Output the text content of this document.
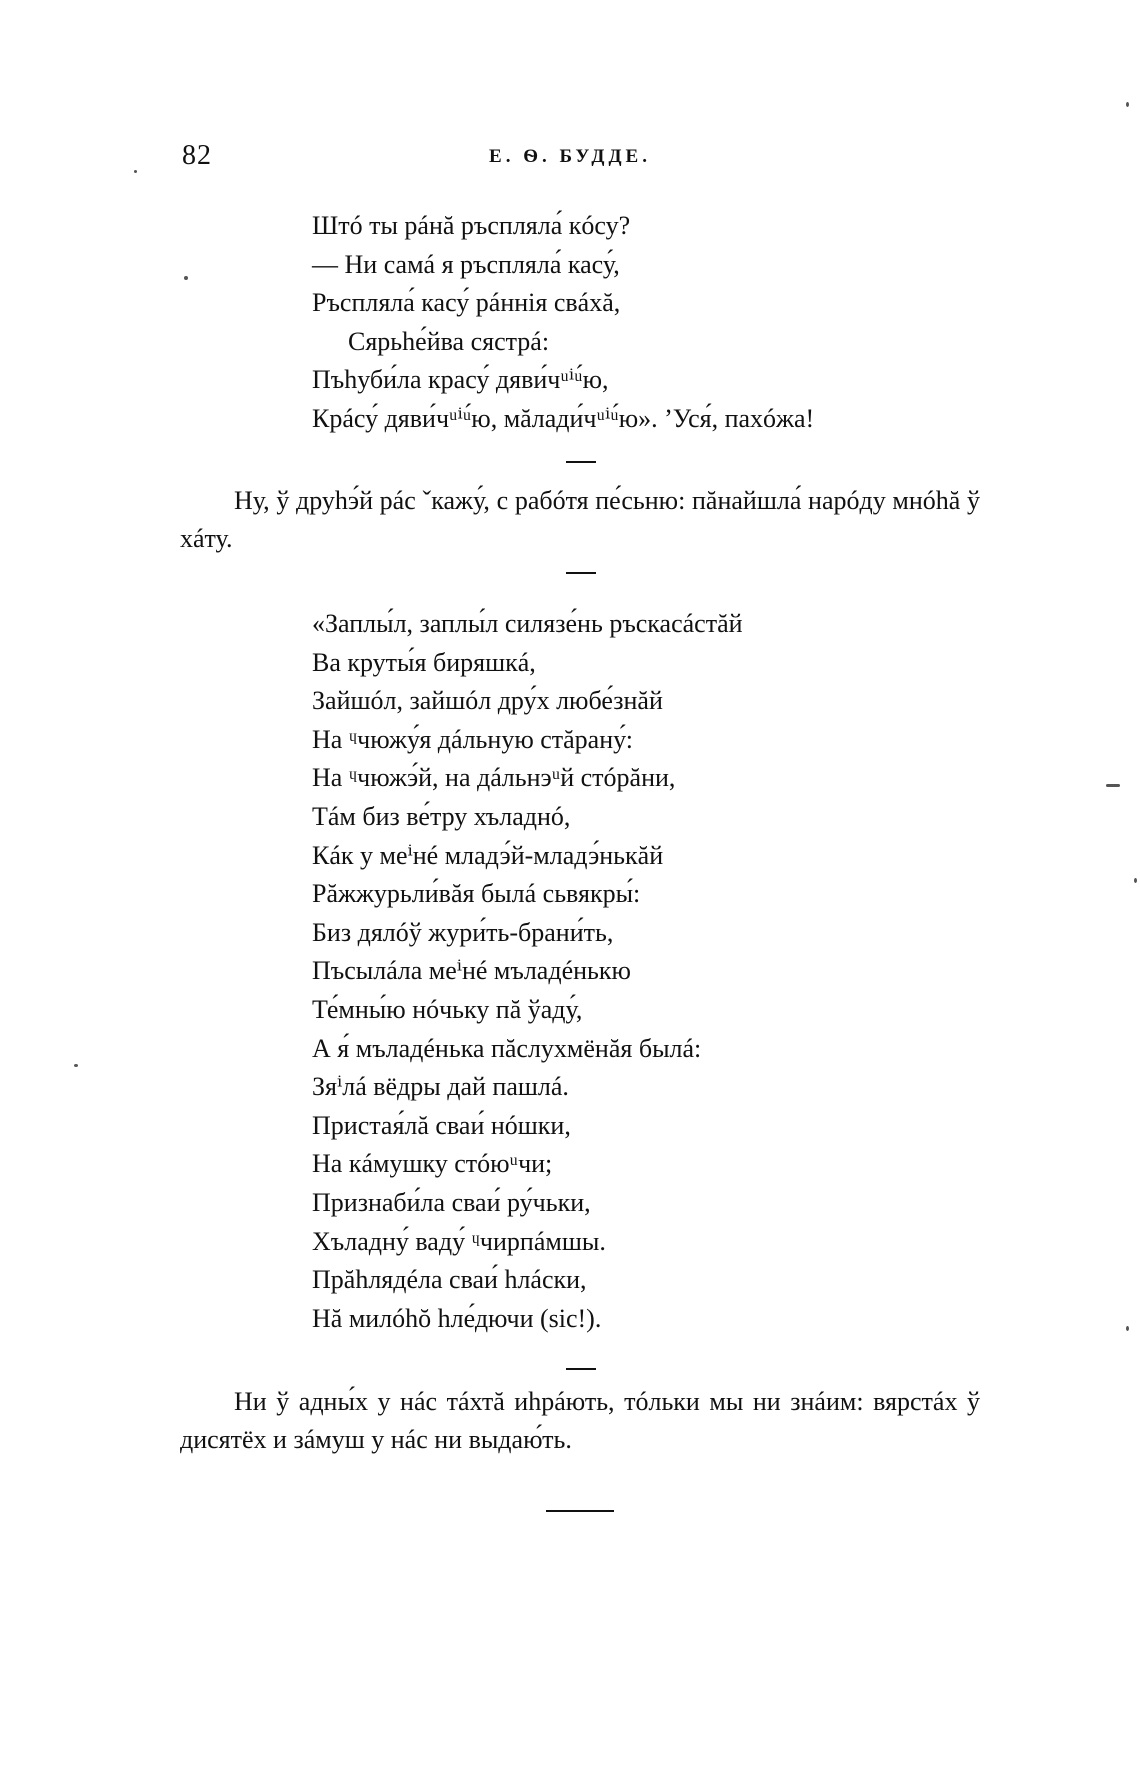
82	Е. Ѳ. БУДДЕ.
Штó ты рáнă ръспляла́ кóсу?
— Ни самá я ръспляла́ касу́,
Ръспляла́ касу́ рáннія свáхă,
Сярьһе́йва сястрá:
Пъһуби́ла красу́ дяви́чᵘⁱᵘ́ю,
Крáсу́ дяви́чᵘⁱᵘ́ю, мăлади́чᵘⁱᵘ́ю». ’Уся́, пахóжа!

Ну, ў друһэ́й рáс ˇкажу́, с рабóтя пе́сьню: пăнайшла́ нарóду мнóһă ў хáту.

«Заплы́л, заплы́л силязе́нь ръскасáстăй
Ва круты́я биряшкá,
Зайшóл, зайшóл дру́х любе́знăй
На ᶣчюжу́я дáльную стăрану́:
На ᶣчюжэ́й, на дáльнэᵘй стóрăни,
Тáм биз ве́тру хъладнó,
Кáк у меⁱнé младэ́й-младэ́нькăй
Рăжжурьли́вăя былá сьвякры́:
Биз дялóў жури́ть-брани́ть,
Пъсылáла меⁱнé мъладéнькю
Те́мны́ю нóчьку пă ўаду́,
А я́ мъладéнька пăслухмёнăя былá:
Зяⁱлá вёдры дай пашлá.
Пристая́лă сваи́ нóшки,
На кáмушку стóюᵘчи;
Признаби́ла сваи́ ру́чьки,
Хъладну́ ваду́ ᶣчирпáмшы.
Прăһлядéла сваи́ һлáски,
Нă милóһŏ һле́дючи (sic!).

Ни ў адны́х у нáс тáхтă иһрáють, тóльки мы ни знáим: вярстáх ў дисятёх и зáмуш у нáс ни выдаю́ть.
